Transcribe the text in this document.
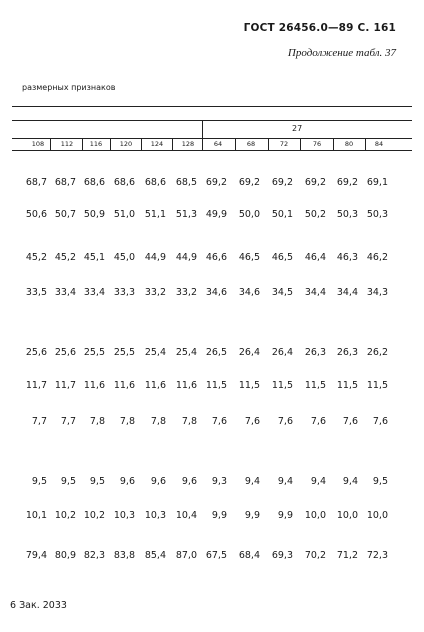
ГОСТ 26456.0—89 С. 161
Продолжение табл. 37
размерных признаков
27
108	112	116	120	124	128	64	68	72	76	80	84
68,7 68,7 68,6 68,6	68,6	68,5 69,2	69,2	69,2	69,2	69,2 69,1
50,6 50,7 50,9 51,0	51,1	51,3 49,9	50,0	50,1	50,2	50,3 50,3
45,2 45,2 45,1 45,0	44,9	44,9 46,6	46,5	46,5	46,4	46,3 46,2
33,5 33,4 33,4 33,3	33,2	33,2 34,6	34,6	34,5	34,4	34,4 34,3
25,6 25,6 25,5 25,5	25,4	25,4 26,5	26,4	26,4	26,3	26,3 26,2
11,7 11,7 11,6 11,6	11,6	11,6 11,5	11,5	11,5	11,5	11,5 11,5
7,7	7,7	7,8	7,8	7,8	7,8	7,6	7,6	7,6	7,6	7,6	7,6
9,5	9,5	9,5	9,6	9,6	9,6	9,3	9,4	9,4	9,4	9,4	9,5
10,1 10,2 10,2 10,3	10,3	10,4	9,9	9,9	9,9	10,0	10,0 10,0
79,4 80,9 82,3 83,8	85,4	87,0 67,5	68,4	69,3	70,2	71,2 72,3
6 Зак. 2033
